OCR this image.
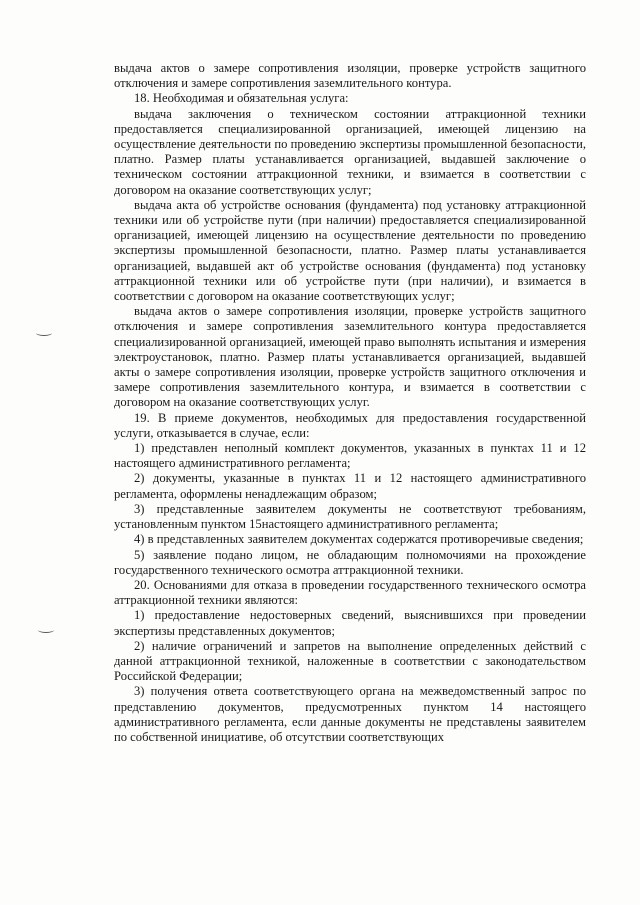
выдача актов о замере сопротивления изоляции, проверке устройств защитного отключения и замере сопротивления заземлительного контура.

18. Необходимая и обязательная услуга:

выдача заключения о техническом состоянии аттракционной техники предоставляется специализированной организацией, имеющей лицензию на осуществление деятельности по проведению экспертизы промышленной безопасности, платно. Размер платы устанавливается организацией, выдавшей заключение о техническом состоянии аттракционной техники, и взимается в соответствии с договором на оказание соответствующих услуг;

выдача акта об устройстве основания (фундамента) под установку аттракционной техники или об устройстве пути (при наличии) предоставляется специализированной организацией, имеющей лицензию на осуществление деятельности по проведению экспертизы промышленной безопасности, платно. Размер платы устанавливается организацией, выдавшей акт об устройстве основания (фундамента) под установку аттракционной техники или об устройстве пути (при наличии), и взимается в соответствии с договором на оказание соответствующих услуг;

выдача актов о замере сопротивления изоляции, проверке устройств защитного отключения и замере сопротивления заземлительного контура предоставляется специализированной организацией, имеющей право выполнять испытания и измерения электроустановок, платно. Размер платы устанавливается организацией, выдавшей акты о замере сопротивления изоляции, проверке устройств защитного отключения и замере сопротивления заземлительного контура, и взимается в соответствии с договором на оказание соответствующих услуг.

19. В приеме документов, необходимых для предоставления государственной услуги, отказывается в случае, если:

1) представлен неполный комплект документов, указанных в пунктах 11 и 12 настоящего административного регламента;

2) документы, указанные в пунктах 11 и 12 настоящего административного регламента, оформлены ненадлежащим образом;

3) представленные заявителем документы не соответствуют требованиям, установленным пунктом 15настоящего административного регламента;

4) в представленных заявителем документах содержатся противоречивые сведения;

5) заявление подано лицом, не обладающим полномочиями на прохождение государственного технического осмотра аттракционной техники.

20. Основаниями для отказа в проведении государственного технического осмотра аттракционной техники являются:

1) предоставление недостоверных сведений, выяснившихся при проведении экспертизы представленных документов;

2) наличие ограничений и запретов на выполнение определенных действий с данной аттракционной техникой, наложенные в соответствии с законодательством Российской Федерации;

3) получения ответа соответствующего органа на межведомственный запрос по представлению документов, предусмотренных пунктом 14 настоящего административного регламента, если данные документы не представлены заявителем по собственной инициативе, об отсутствии соответствующих
